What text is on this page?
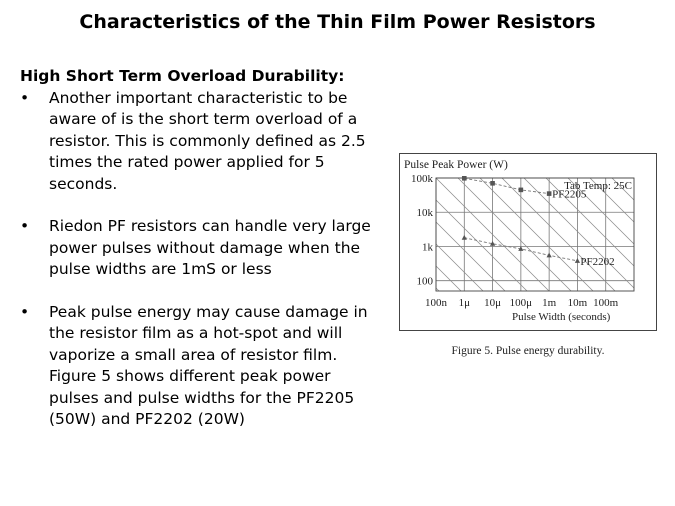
Characteristics of the Thin Film Power Resistors
High Short Term Overload Durability:
• Another important characteristic to be aware of is the short term overload of a resistor. This is commonly defined as 2.5 times the rated power applied for 5 seconds.
• Riedon PF resistors can handle very large power pulses without damage when the pulse widths are 1mS or less
• Peak pulse energy may cause damage in the resistor film as a hot-spot and will vaporize a small area of resistor film. Figure 5 shows different peak power pulses and pulse widths for the PF2205 (50W) and PF2202 (20W)
Pulse Peak Power (W)
100
1k
10k
100k
100n 1μ 10μ 100μ 1m 10m 100m
PF2205
PF2202
Tab Temp: 25C
Pulse Width (seconds)
Figure 5. Pulse energy durability.
